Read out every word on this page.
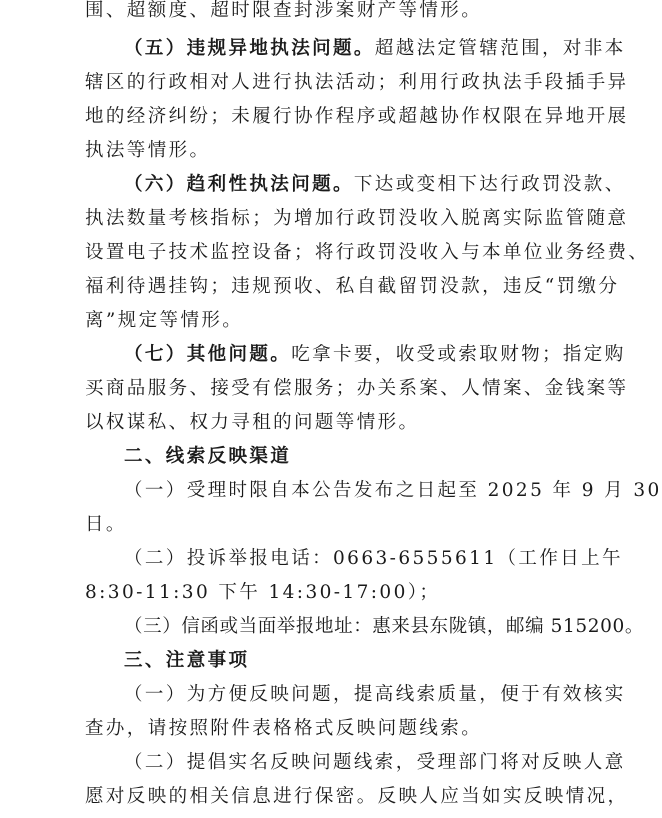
围、超额度、超时限查封涉案财产等情形。
（五）违规异地执法问题。超越法定管辖范围，对非本
辖区的行政相对人进行执法活动；利用行政执法手段插手异
地的经济纠纷；未履行协作程序或超越协作权限在异地开展
执法等情形。
（六）趋利性执法问题。下达或变相下达行政罚没款、
执法数量考核指标；为增加行政罚没收入脱离实际监管随意
设置电子技术监控设备；将行政罚没收入与本单位业务经费、
福利待遇挂钩；违规预收、私自截留罚没款，违反“罚缴分
离”规定等情形。
（七）其他问题。吃拿卡要，收受或索取财物；指定购
买商品服务、接受有偿服务；办关系案、人情案、金钱案等
以权谋私、权力寻租的问题等情形。
二、线索反映渠道
（一）受理时限自本公告发布之日起至 2025 年 9 月 30
日。
（二）投诉举报电话：0663-6555611（工作日上午
8:30-11:30 下午 14:30-17:00）；
（三）信函或当面举报地址：惠来县东陇镇，邮编 515200。
三、注意事项
（一）为方便反映问题，提高线索质量，便于有效核实
查办，请按照附件表格格式反映问题线索。
（二）提倡实名反映问题线索，受理部门将对反映人意
愿对反映的相关信息进行保密。反映人应当如实反映情况，
